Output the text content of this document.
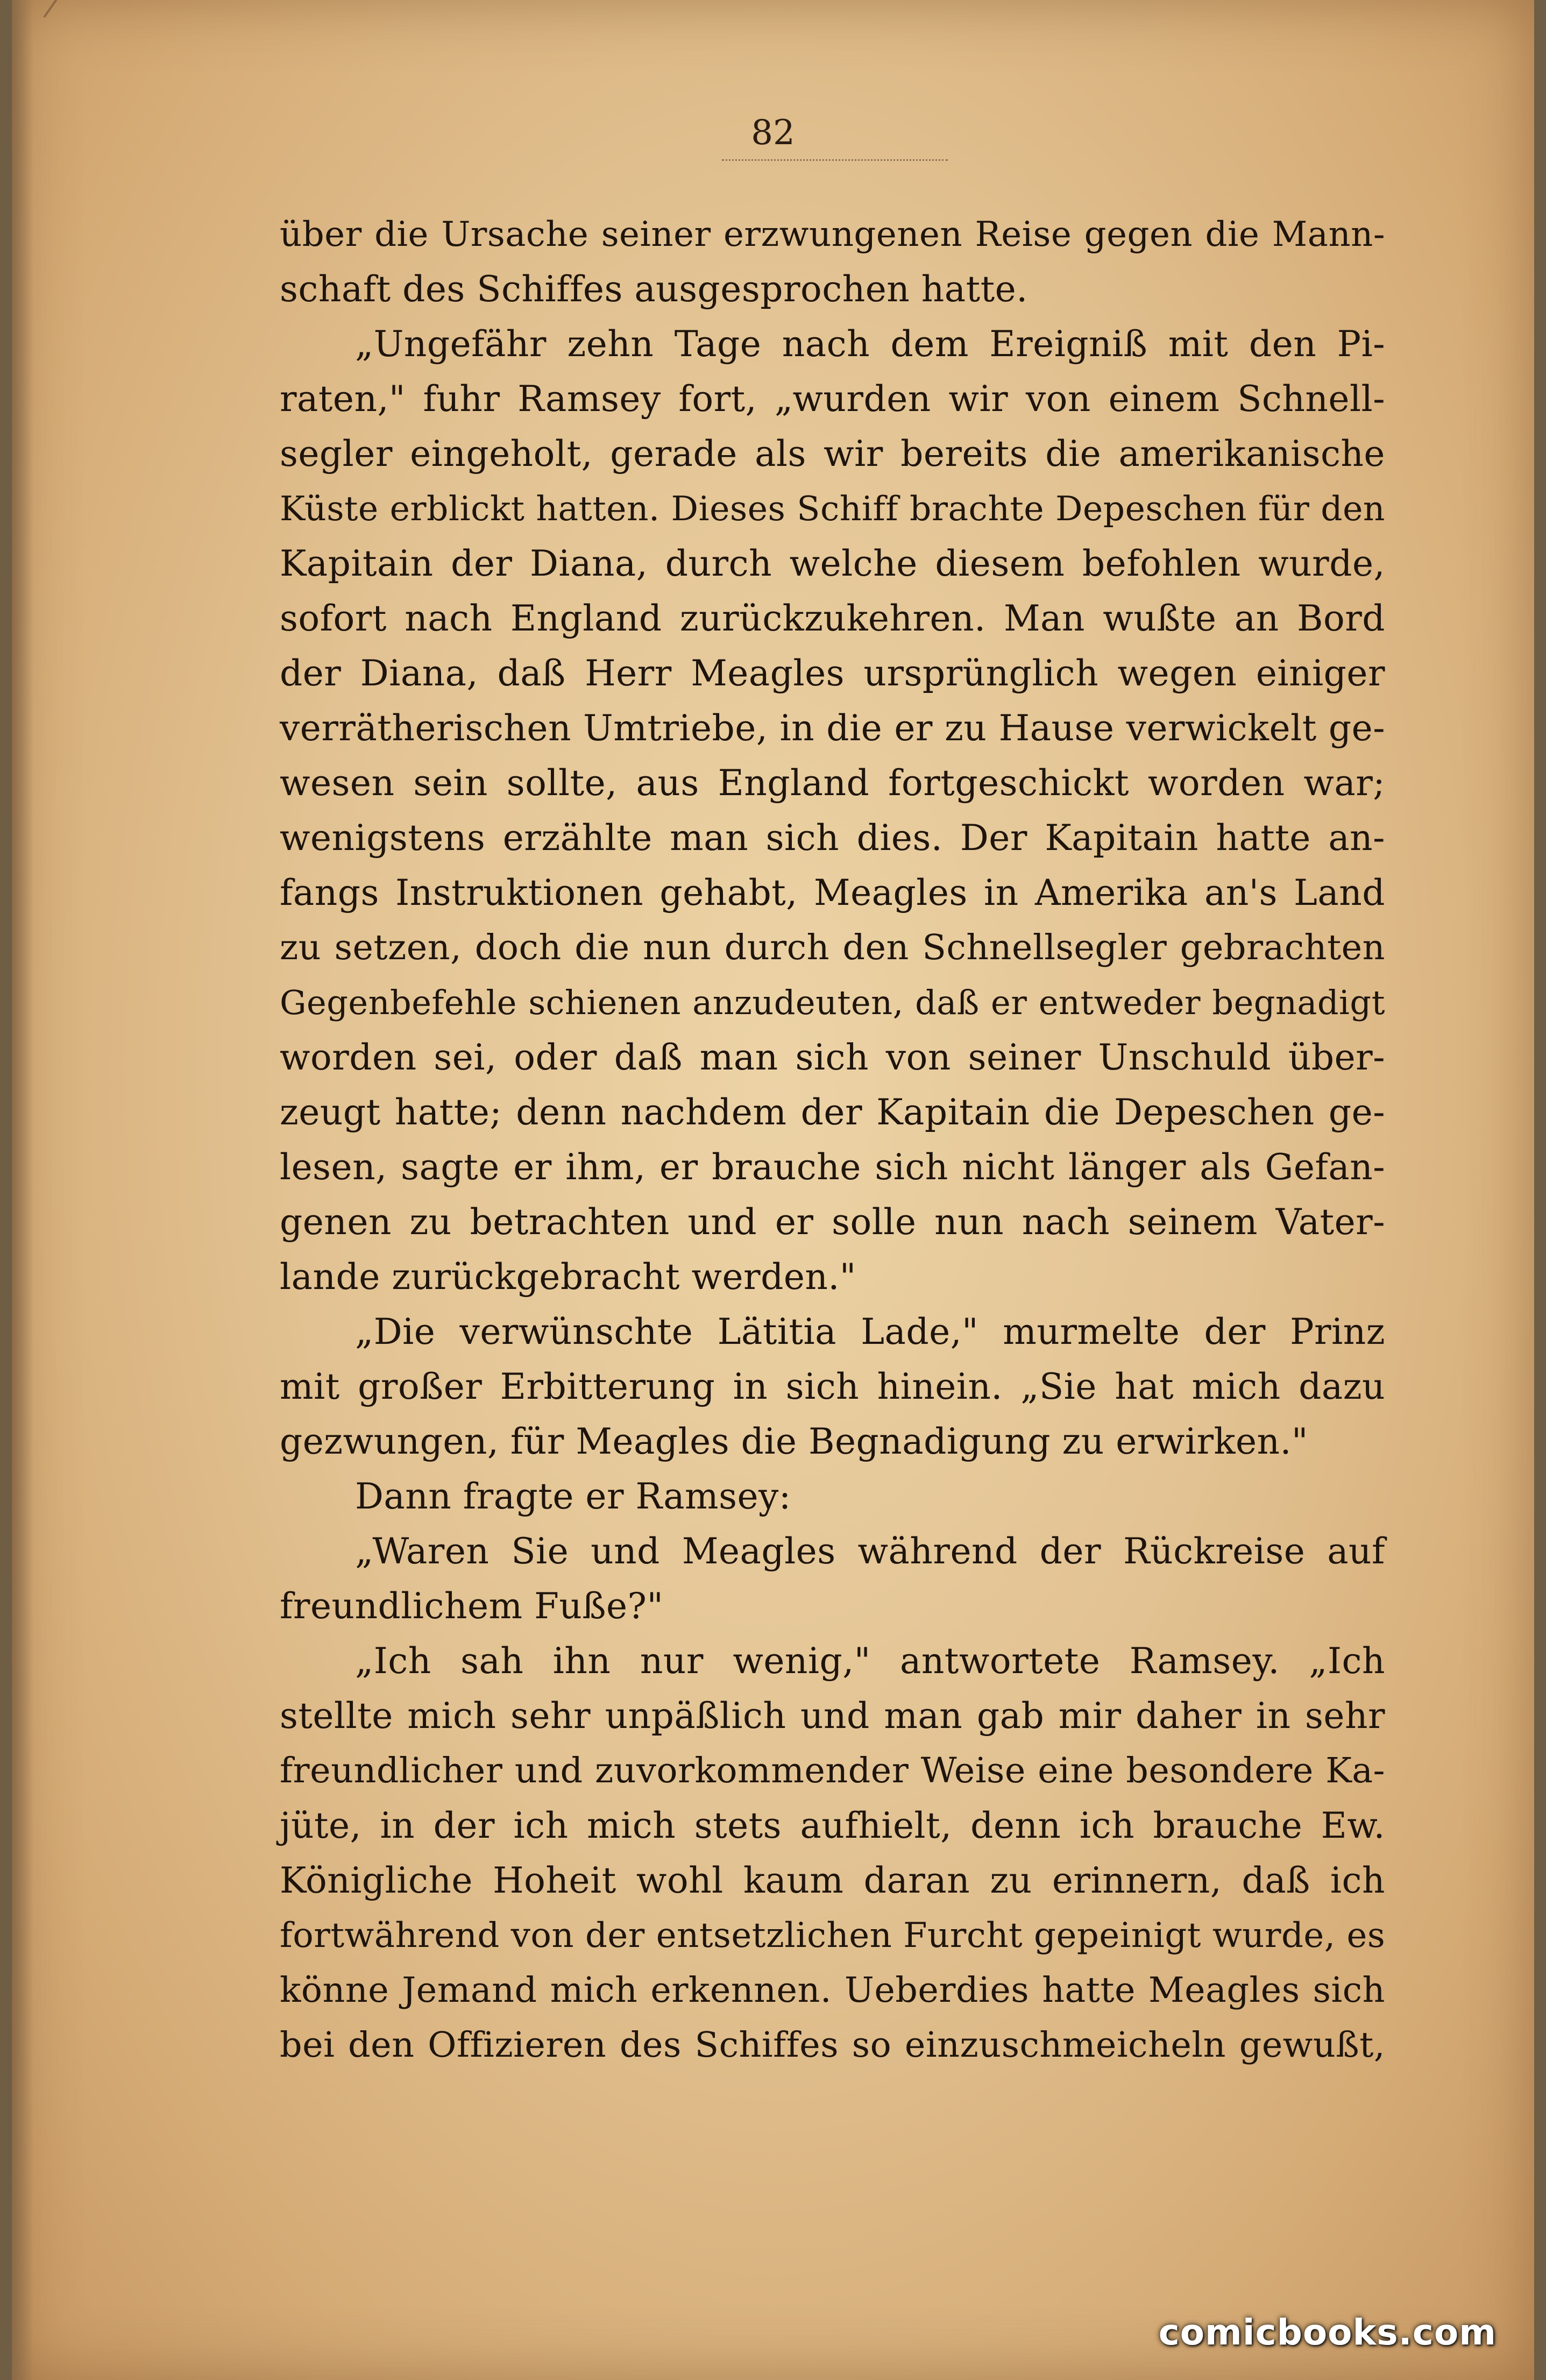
82
über die Ursache seiner erzwungenen Reise gegen die Mann-
schaft des Schiffes ausgesprochen hatte.
„Ungefähr zehn Tage nach dem Ereigniß mit den Pi-
raten," fuhr Ramsey fort, „wurden wir von einem Schnell-
segler eingeholt, gerade als wir bereits die amerikanische
Küste erblickt hatten. Dieses Schiff brachte Depeschen für den
Kapitain der Diana, durch welche diesem befohlen wurde,
sofort nach England zurückzukehren. Man wußte an Bord
der Diana, daß Herr Meagles ursprünglich wegen einiger
verrätherischen Umtriebe, in die er zu Hause verwickelt ge-
wesen sein sollte, aus England fortgeschickt worden war;
wenigstens erzählte man sich dies. Der Kapitain hatte an-
fangs Instruktionen gehabt, Meagles in Amerika an's Land
zu setzen, doch die nun durch den Schnellsegler gebrachten
Gegenbefehle schienen anzudeuten, daß er entweder begnadigt
worden sei, oder daß man sich von seiner Unschuld über-
zeugt hatte; denn nachdem der Kapitain die Depeschen ge-
lesen, sagte er ihm, er brauche sich nicht länger als Gefan-
genen zu betrachten und er solle nun nach seinem Vater-
lande zurückgebracht werden."
„Die verwünschte Lätitia Lade," murmelte der Prinz
mit großer Erbitterung in sich hinein. „Sie hat mich dazu
gezwungen, für Meagles die Begnadigung zu erwirken."
Dann fragte er Ramsey:
„Waren Sie und Meagles während der Rückreise auf
freundlichem Fuße?"
„Ich sah ihn nur wenig," antwortete Ramsey. „Ich
stellte mich sehr unpäßlich und man gab mir daher in sehr
freundlicher und zuvorkommender Weise eine besondere Ka-
jüte, in der ich mich stets aufhielt, denn ich brauche Ew.
Königliche Hoheit wohl kaum daran zu erinnern, daß ich
fortwährend von der entsetzlichen Furcht gepeinigt wurde, es
könne Jemand mich erkennen. Ueberdies hatte Meagles sich
bei den Offizieren des Schiffes so einzuschmeicheln gewußt,
comicbooks.com
